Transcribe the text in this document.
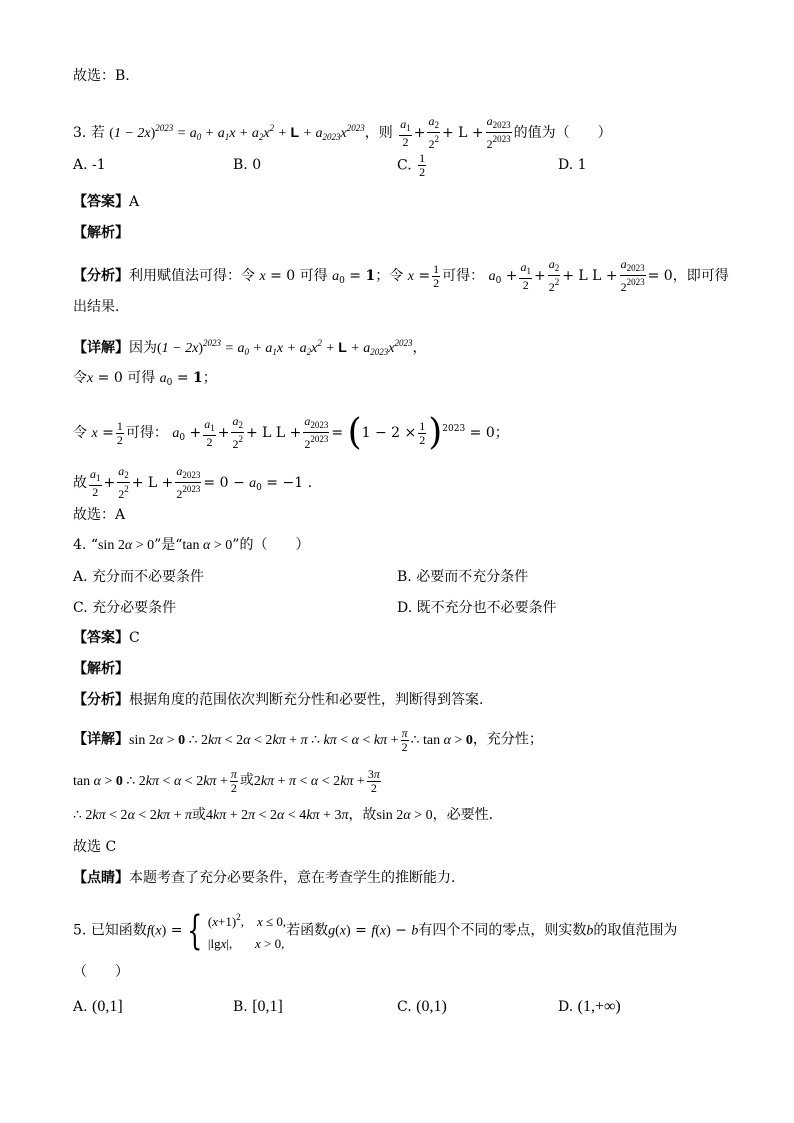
故选：B.
3. 若 $(1 - 2x)^{2023} = a_0 + a_1x + a_2x^2 + L + a_{2023}x^{2023}$，则 $\frac{a_1}{2} + \frac{a_2}{2^2} + L + \frac{a_{2023}}{2^{2023}}$ 的值为（　　）
A. -1	B. 0	C. $\frac{1}{2}$	D. 1
【答案】A
【解析】
【分析】利用赋值法可得：令 x = 0 可得 $a_0 = 1$；令 $x = \frac{1}{2}$ 可得： $a_0 + \frac{a_1}{2} + \frac{a_2}{2^2} + L$ $L + \frac{a_{2023}}{2^{2023}} = 0$，即可得
出结果.
【详解】因为$(1 - 2x)^{2023} = a_0 + a_1x + a_2x^2 + L + a_{2023}x^{2023}$，
令x = 0 可得 $a_0 = 1$；
令 $x = \frac{1}{2}$ 可得： $a_0 + \frac{a_1}{2} + \frac{a_2}{2^2} + L$ $L + \frac{a_{2023}}{2^{2023}} = (1 - 2 \times \frac{1}{2} )^{2023} = 0$；
故 $\frac{a_1}{2} + \frac{a_2}{2^2} + L + \frac{a_{2023}}{2^{2023}} = 0 - a_0 = -1$ .
故选：A
4. “sin 2α > 0”是“tan α > 0”的（　　）
A. 充分而不必要条件	B. 必要而不充分条件
C. 充分必要条件	D. 既不充分也不必要条件
【答案】C
【解析】
【分析】根据角度的范围依次判断充分性和必要性，判断得到答案.
【详解】sin 2α > 0 ∴ 2kπ < 2α < 2kπ + π ∴ $k\pi < \alpha < k\pi + \frac{\pi}{2}$ ∴ tan α > 0，充分性；
tan α > 0 ∴ $2k\pi < \alpha < 2k\pi + \frac{\pi}{2}$ 或$2k\pi + \pi < \alpha < 2k\pi + \frac{3\pi}{2}$
∴ 2kπ < 2α < 2kπ + π或4kπ + 2π < 2α < 4kπ + 3π，故sin 2α > 0，必要性.
故选 C
【点睛】本题考查了充分必要条件，意在考查学生的推断能力.
5. 已知函数f(x) = { $(x+1)^2$,    x ≤ 0,
|lgx|,       x > 0,
若函数g(x) = f(x) − b有四个不同的零点，则实数b的取值范围为
（　　）
A. (0,1]	B. [0,1]	C. (0,1)	D. (1,+∞)
